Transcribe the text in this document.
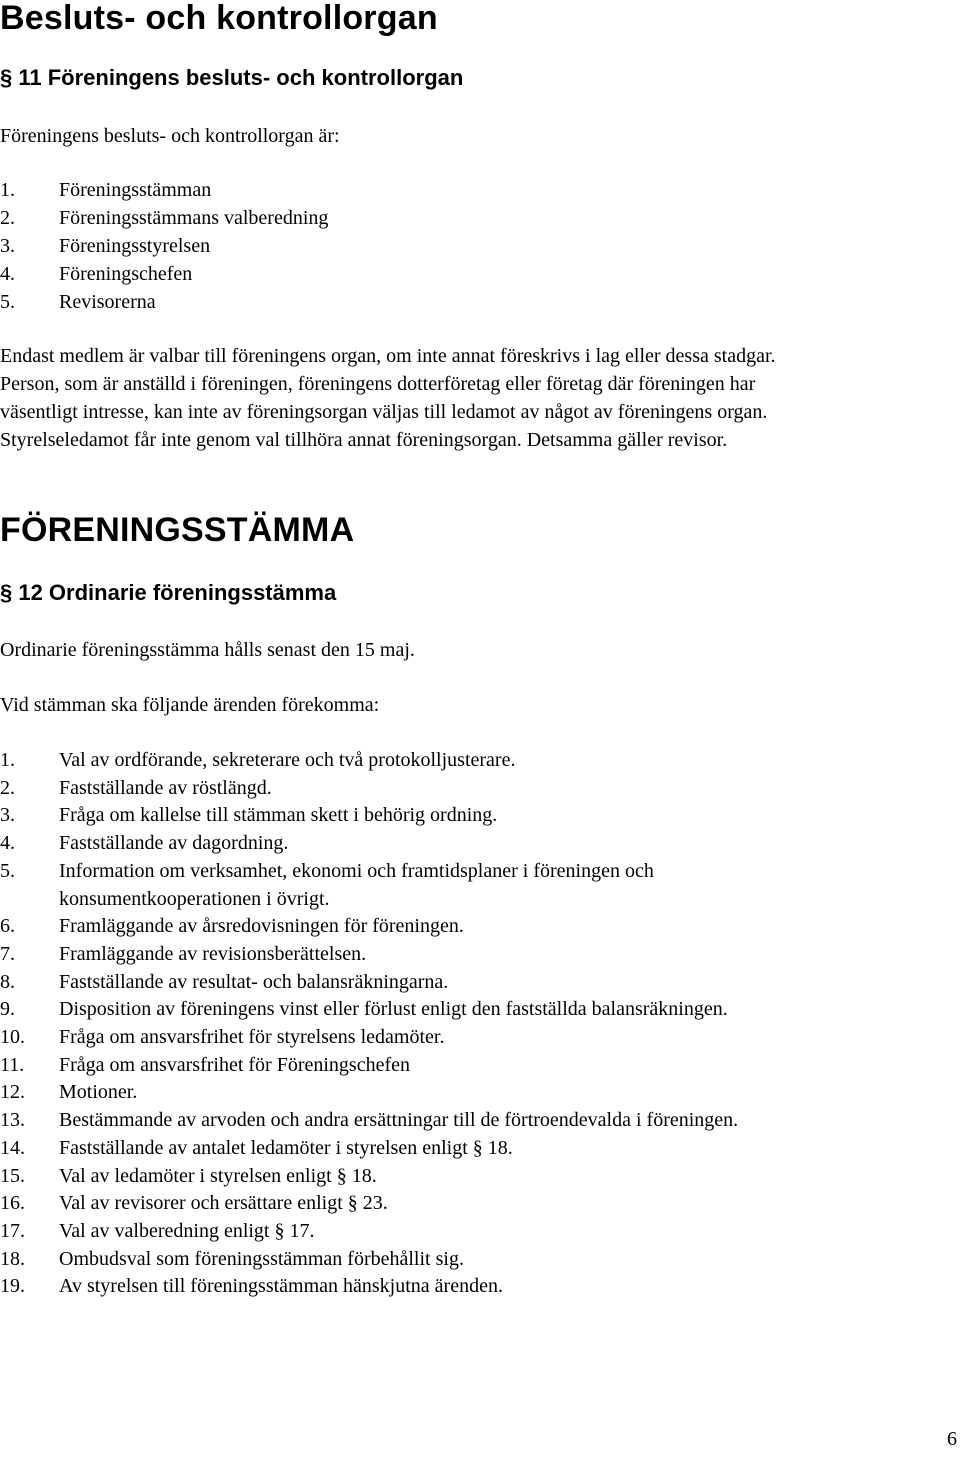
Besluts- och kontrollorgan
§ 11 Föreningens besluts- och kontrollorgan
Föreningens besluts- och kontrollorgan är:
1. Föreningsstämman
2. Föreningsstämmans valberedning
3. Föreningsstyrelsen
4. Föreningschefen
5. Revisorerna
Endast medlem är valbar till föreningens organ, om inte annat föreskrivs i lag eller dessa stadgar.
Person, som är anställd i föreningen, föreningens dotterföretag eller företag där föreningen har
väsentligt intresse, kan inte av föreningsorgan väljas till ledamot av något av föreningens organ.
Styrelseledamot får inte genom val tillhöra annat föreningsorgan. Detsamma gäller revisor.
FÖRENINGSSTÄMMA
§ 12 Ordinarie föreningsstämma
Ordinarie föreningsstämma hålls senast den 15 maj.
Vid stämman ska följande ärenden förekomma:
1. Val av ordförande, sekreterare och två protokolljusterare.
2. Fastställande av röstlängd.
3. Fråga om kallelse till stämman skett i behörig ordning.
4. Fastställande av dagordning.
5. Information om verksamhet, ekonomi och framtidsplaner i föreningen och
konsumentkooperationen i övrigt.
6. Framläggande av årsredovisningen för föreningen.
7. Framläggande av revisionsberättelsen.
8. Fastställande av resultat- och balansräkningarna.
9. Disposition av föreningens vinst eller förlust enligt den fastställda balansräkningen.
10. Fråga om ansvarsfrihet för styrelsens ledamöter.
11. Fråga om ansvarsfrihet för Föreningschefen
12. Motioner.
13. Bestämmande av arvoden och andra ersättningar till de förtroendevalda i föreningen.
14. Fastställande av antalet ledamöter i styrelsen enligt § 18.
15. Val av ledamöter i styrelsen enligt § 18.
16. Val av revisorer och ersättare enligt § 23.
17. Val av valberedning enligt § 17.
18. Ombudsval som föreningsstämman förbehållit sig.
19. Av styrelsen till föreningsstämman hänskjutna ärenden.
6
